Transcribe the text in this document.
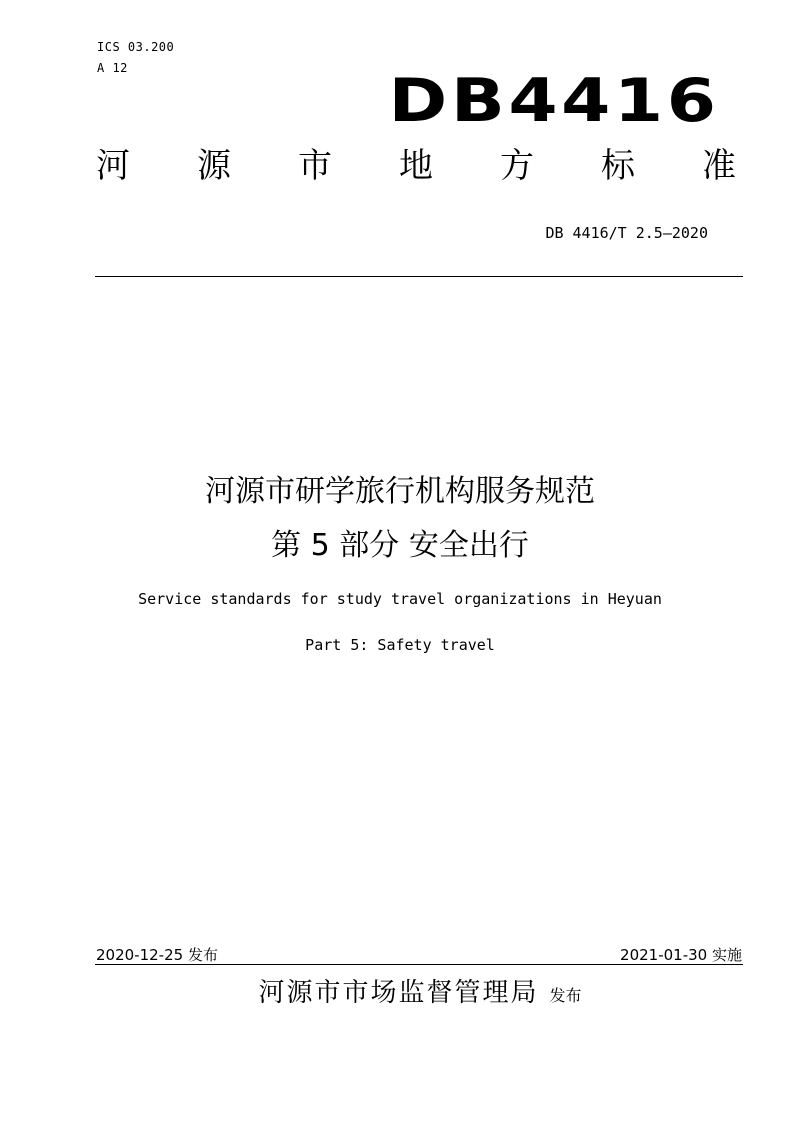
ICS 03.200
A 12	DB4416
河 源 市 地 方 标 准
DB 4416/T 2.5—2020
河源市研学旅行机构服务规范
第 5 部分 安全出行
Service standards for study travel organizations in Heyuan
Part 5: Safety travel
2020-12-25 发布	2021-01-30 实施
河源市市场监督管理局 发布
